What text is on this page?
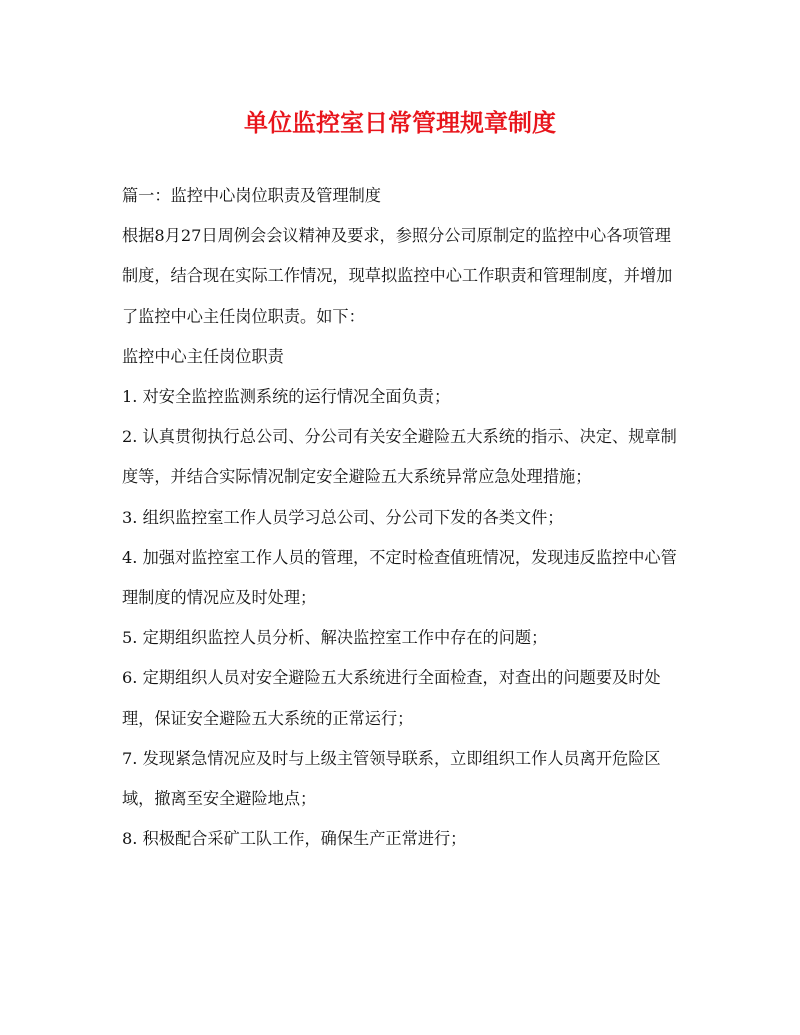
单位监控室日常管理规章制度

篇一：监控中心岗位职责及管理制度

根据8月27日周例会会议精神及要求，参照分公司原制定的监控中心各项管理制度，结合现在实际工作情况，现草拟监控中心工作职责和管理制度，并增加了监控中心主任岗位职责。如下：

监控中心主任岗位职责

1. 对安全监控监测系统的运行情况全面负责；

2. 认真贯彻执行总公司、分公司有关安全避险五大系统的指示、决定、规章制度等，并结合实际情况制定安全避险五大系统异常应急处理措施；

3. 组织监控室工作人员学习总公司、分公司下发的各类文件；

4. 加强对监控室工作人员的管理，不定时检查值班情况，发现违反监控中心管理制度的情况应及时处理；

5. 定期组织监控人员分析、解决监控室工作中存在的问题；

6. 定期组织人员对安全避险五大系统进行全面检查，对查出的问题要及时处理，保证安全避险五大系统的正常运行；

7. 发现紧急情况应及时与上级主管领导联系，立即组织工作人员离开危险区域，撤离至安全避险地点；

8. 积极配合采矿工队工作，确保生产正常进行；
